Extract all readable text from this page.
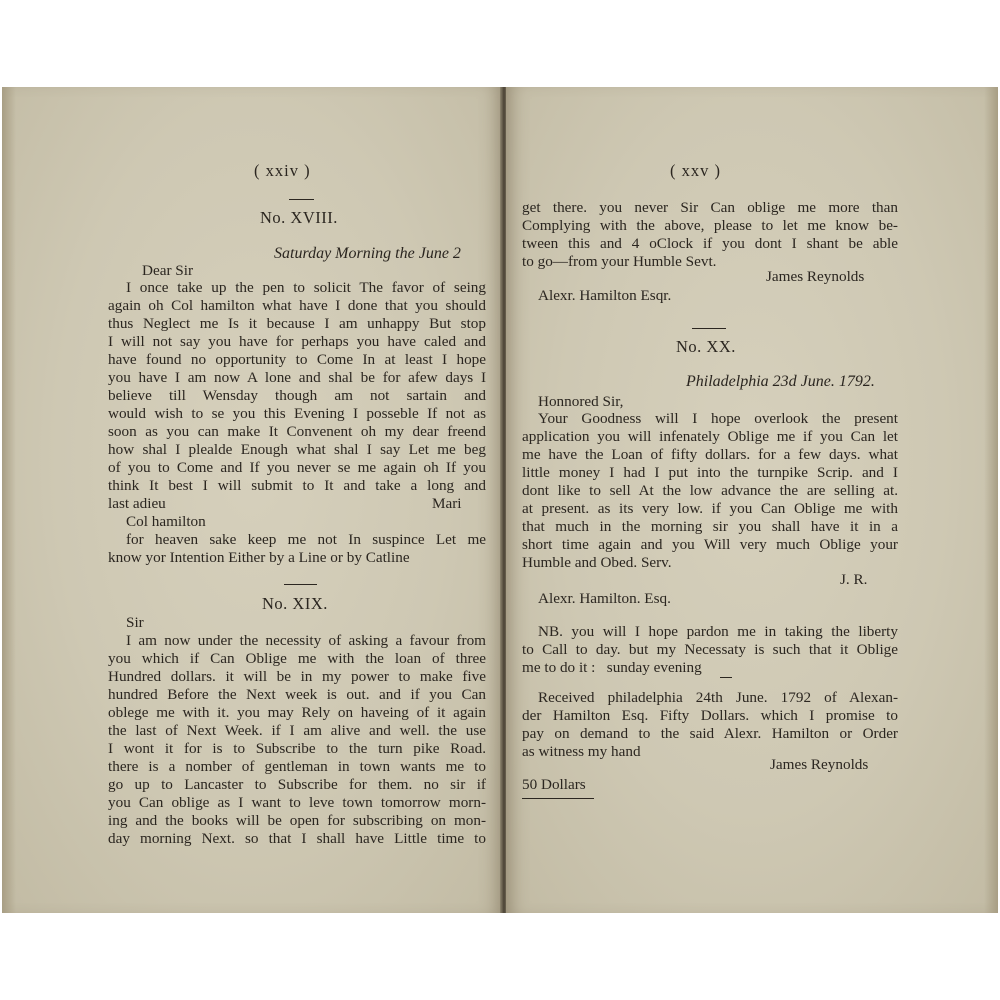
( xxiv )
No. XVIII.
Saturday Morning the June 2
Dear Sir
I once take up the pen to solicit The favor of seing
again oh Col hamilton what have I done that you should
thus Neglect me Is it because I am unhappy But stop
I will not say you have for perhaps you have caled and
have found no opportunity to Come In at least I hope
you have I am now A lone and shal be for afew days I
believe till Wensday though am not sartain and
would wish to se you this Evening I posseble If not as
soon as you can make It Convenent oh my dear freend
how shal I plealde Enough what shal I say Let me beg
of you to Come and If you never se me again oh If you
think It best I will submit to It and take a long and
last adieu	Mari
Col hamilton
for heaven sake keep me not In suspince Let me
know yor Intention Either by a Line or by Catline
No. XIX.
Sir
I am now under the necessity of asking a favour from
you which if Can Oblige me with the loan of three
Hundred dollars. it will be in my power to make five
hundred Before the Next week is out. and if you Can
oblege me with it. you may Rely on haveing of it again
the last of Next Week. if I am alive and well. the use
I wont it for is to Subscribe to the turn pike Road.
there is a nomber of gentleman in town wants me to
go up to Lancaster to Subscribe for them. no sir if
you Can oblige as I want to leve town tomorrow morn-
ing and the books will be open for subscribing on mon-
day morning Next. so that I shall have Little time to
( xxv )
get there. you never Sir Can oblige me more than
Complying with the above, please to let me know be-
tween this and 4 oClock if you dont I shant be able
to go—from your Humble Sevt.
James Reynolds
Alexr. Hamilton Esqr.
No. XX.
Philadelphia 23d June. 1792.
Honnored Sir,
Your Goodness will I hope overlook the present
application you will infenately Oblige me if you Can let
me have the Loan of fifty dollars. for a few days. what
little money I had I put into the turnpike Scrip. and I
dont like to sell At the low advance the are selling at.
at present. as its very low. if you Can Oblige me with
that much in the morning sir you shall have it in a
short time again and you Will very much Oblige your
Humble and Obed. Serv.
J. R.
Alexr. Hamilton. Esq.
NB. you will I hope pardon me in taking the liberty
to Call to day. but my Necessaty is such that it Oblige
me to do it :   sunday evening
Received philadelphia 24th June. 1792 of Alexan-
der Hamilton Esq. Fifty Dollars. which I promise to
pay on demand to the said Alexr. Hamilton or Order
as witness my hand
James Reynolds
50 Dollars
